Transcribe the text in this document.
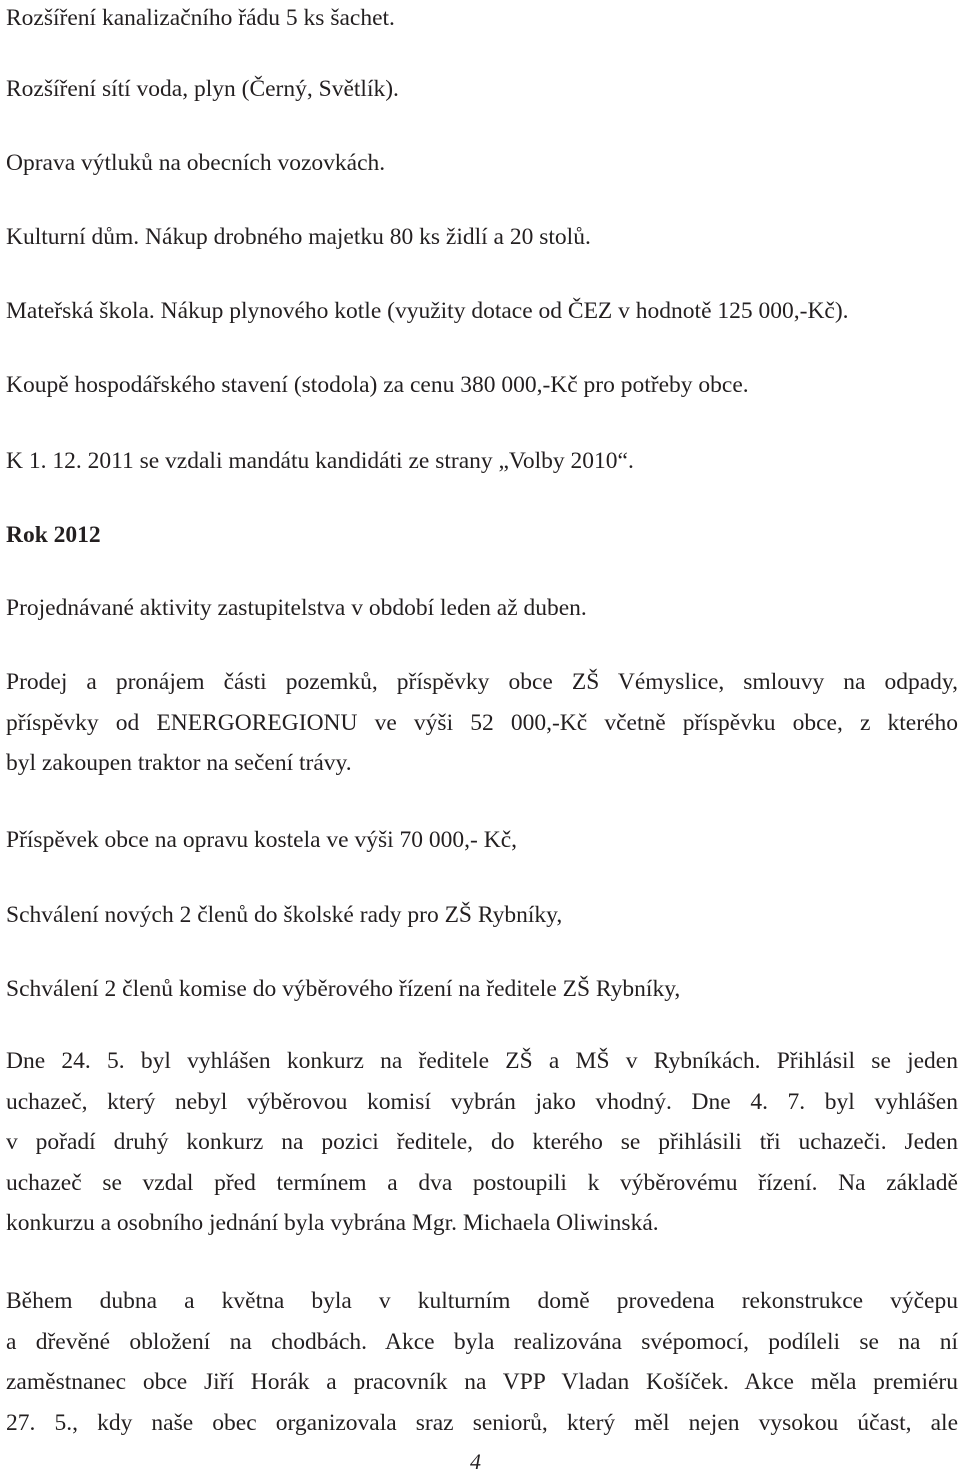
Rozšíření kanalizačního řádu 5 ks šachet.
Rozšíření sítí voda, plyn (Černý, Světlík).
Oprava výtluků na obecních vozovkách.
Kulturní dům. Nákup drobného majetku 80 ks židlí a 20 stolů.
Mateřská škola. Nákup plynového kotle (využity dotace od ČEZ v hodnotě 125 000,-Kč).
Koupě hospodářského stavení (stodola) za cenu 380 000,-Kč pro potřeby obce.
K 1. 12. 2011 se vzdali mandátu kandidáti ze strany „Volby 2010“.
Rok 2012
Projednávané aktivity zastupitelstva v období leden až duben.
Prodej a pronájem části pozemků, příspěvky obce ZŠ Vémyslice, smlouvy na odpady,
příspěvky od ENERGOREGIONU ve výši 52 000,-Kč včetně příspěvku obce, z kterého
byl zakoupen traktor na sečení trávy.
Příspěvek obce na opravu kostela ve výši 70 000,- Kč,
Schválení nových 2 členů do školské rady pro ZŠ Rybníky,
Schválení 2 členů komise do výběrového řízení na ředitele ZŠ Rybníky,
Dne 24. 5. byl vyhlášen konkurz na ředitele ZŠ a MŠ v Rybníkách. Přihlásil se jeden
uchazeč, který nebyl výběrovou komisí vybrán jako vhodný. Dne 4. 7. byl vyhlášen
v pořadí druhý konkurz na pozici ředitele, do kterého se přihlásili tři uchazeči. Jeden
uchazeč se vzdal před termínem a dva postoupili k výběrovému řízení. Na základě
konkurzu a osobního jednání byla vybrána Mgr. Michaela Oliwinská.
Během dubna a května byla v kulturním domě provedena rekonstrukce výčepu
a dřevěné obložení na chodbách. Akce byla realizována svépomocí, podíleli se na ní
zaměstnanec obce Jiří Horák a pracovník na VPP Vladan Košíček. Akce měla premiéru
27. 5., kdy naše obec organizovala sraz seniorů, který měl nejen vysokou účast, ale
4
